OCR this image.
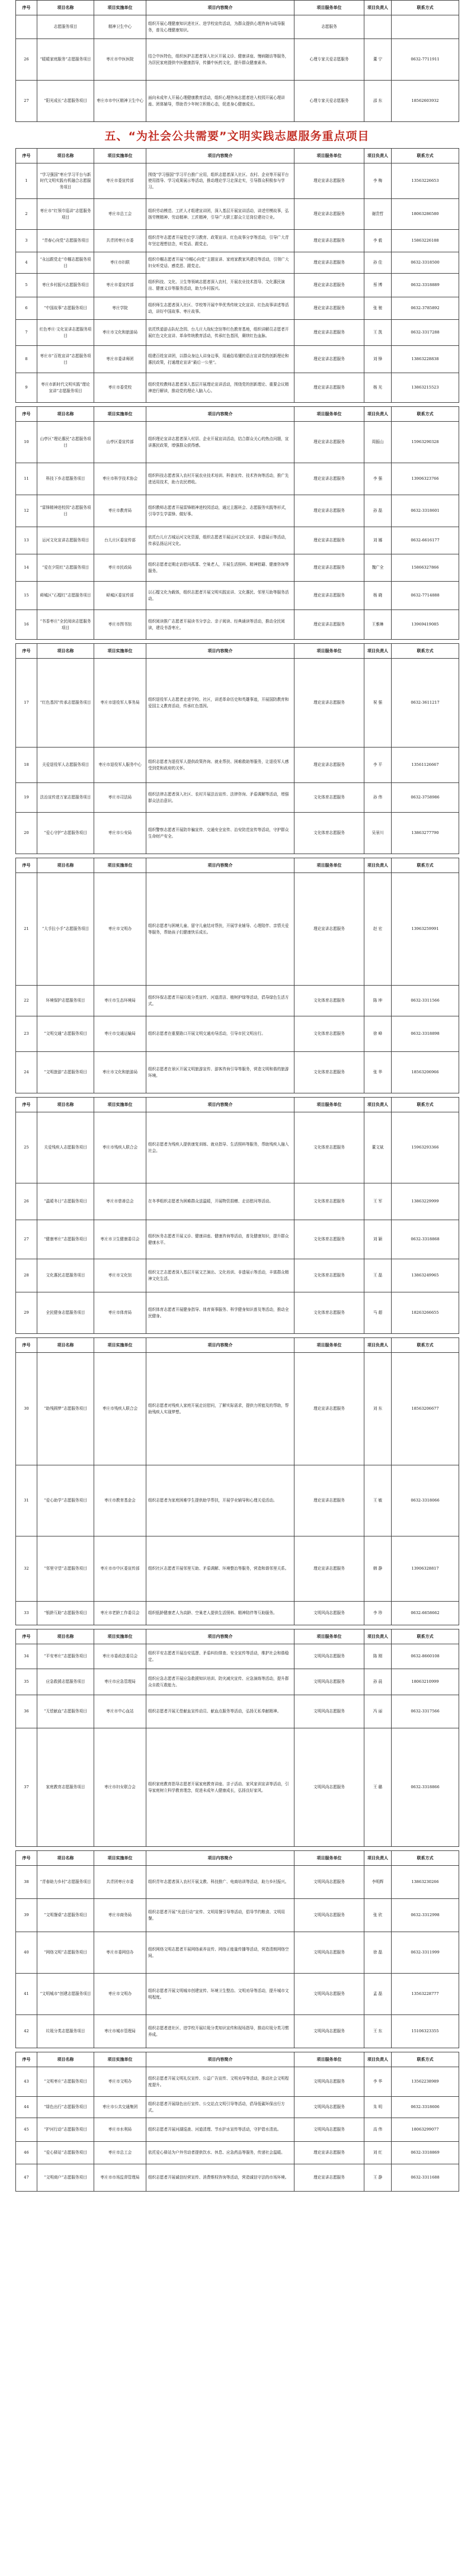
序号	项目名称	项目实施单位	项目内容简介	项目服务单位	项目负责人	联系方式
	志愿服务项目	精神卫生中心	组织开展心理健康知识进社区、进学校宣传活动，为群众提供心理咨询与疏导服务，普及心理健康知识。	志愿服务		
26	“暖暖家庭服务”志愿服务项目	枣庄市中医医院	结合中医特色，组织医护志愿者深入社区开展义诊、健康讲座、慢病随访等服务，为居民家庭提供中医健康指导，传播中医药文化，提升群众健康素养。	心理专家关爱志愿服务	董 宁	0632-7711911
27	“阳光成长”志愿服务项目	枣庄市市中区精神卫生中心	面向未成年人开展心理健康教育活动，组织心理咨询志愿者进入校园开展心理讲座、团体辅导，帮助青少年树立积极心态，促进身心健康成长。	心理专家关爱志愿服务	邵 东	18562603932
五、“为社会公共需要”文明实践志愿服务重点项目
序号	项目名称	项目实施单位	项目内容简介	项目服务单位	项目负责人	联系方式
1	“学习强国”枣庄学习平台与新时代文明实践有机融合志愿服务项目	枣庄市委宣传部	围绕“学习强国”学习平台推广应用，组织志愿者深入社区、农村、企业等开展平台使用指导、学习成果展示等活动，推动理论学习走深走实，引导群众积极参与学习。	理论宣讲志愿服务	李 梅	13563226653
2	枣庄市“红领巾巡讲”志愿服务项目	枣庄市总工会	组织劳动模范、工匠人才组建宣讲团，深入基层开展宣讲活动，讲述劳模故事，弘扬劳模精神、劳动精神、工匠精神，引导广大职工群众立足岗位建功立业。	理论宣讲志愿服务	谢贵哲	18063286580
3	“青春心向党”志愿服务项目	共青团枣庄市委	组织青年志愿者开展党史学习教育、政策宣讲、红色故事分享等活动，引导广大青年坚定理想信念，听党话、跟党走。	理论宣讲志愿服务	李 毅	15863226188
4	“永远跟党走”巾帼志愿服务项目	枣庄市妇联	组织巾帼志愿者开展“巾帼心向党”主题宣讲、家庭家教家风建设等活动，引领广大妇女听党话、感党恩、跟党走。	理论宣讲志愿服务	孙 佳	0632-3318500
5	枣庄乡村振兴志愿服务项目	枣庄市委宣传部	组织科技、文化、卫生等领域志愿者深入农村，开展农业技术指导、文化惠民演出、健康义诊等服务活动，助力乡村振兴。	理论宣讲志愿服务	蔡 博	0632-3318889
6	“中国故事”志愿服务项目	枣庄学院	组织师生志愿者深入社区、学校等开展中华优秀传统文化宣讲、红色故事讲述等活动，讲好中国故事、枣庄故事。	理论宣讲志愿服务	张 驰	0632-3785892
7	红色枣庄·文化宣讲志愿服务项目	枣庄市文化和旅游局	依托铁道游击队纪念园、台儿庄大战纪念馆等红色教育基地，组织讲解员志愿者开展红色文化宣讲、革命传统教育活动，传承红色基因，赓续红色血脉。	理论宣讲志愿服务	王 凯	0632-3317288
8	枣庄市“百姓宣讲”志愿服务项目	枣庄市委讲师团	组建百姓宣讲团，以群众身边人讲身边事，用通俗易懂的语言宣讲党的创新理论和惠民政策，打通理论宣讲“最后一公里”。	理论宣讲志愿服务	刘 锋	13863228838
9	枣庄市新时代文明实践“理论宣讲”志愿服务项目	枣庄市委党校	组织党校教师志愿者深入基层开展理论宣讲活动，围绕党的创新理论、重要会议精神进行解读，推动党的理论入脑入心。	理论宣讲志愿服务	杨 光	13863215523
序号	项目名称	项目实施单位	项目内容简介	项目服务单位	项目负责人	联系方式
10	山亭区“理论惠民”志愿服务项目	山亭区委宣传部	组织理论宣讲志愿者深入村居、企业开展宣讲活动，结合群众关心的热点问题，宣讲惠民政策，增强群众获得感。	理论宣讲志愿服务	周振山	15963290328
11	科技下乡志愿服务项目	枣庄市科学技术协会	组织科技志愿者深入农村开展农业技术培训、科普宣传、技术咨询等活动，推广先进适用技术，助力农民增收。	理论宣讲志愿服务	李 强	13906323766
12	“雷锋精神进校园”志愿服务项目	枣庄市教育局	组织教师志愿者开展雷锋精神进校园活动，通过主题班会、志愿服务实践等形式，引导学生学雷锋、做好事。	理论宣讲志愿服务	孙 磊	0632-3318601
13	运河文化宣讲志愿服务项目	台儿庄区委宣传部	依托台儿庄古城运河文化资源，组织志愿者开展运河文化宣讲、非遗展示等活动，传承弘扬运河文化。	理论宣讲志愿服务	刘 娜	0632-6616177
14	“爱在夕阳红”志愿服务项目	枣庄市民政局	组织志愿者定期走访慰问孤寡、空巢老人，开展生活照料、精神慰藉、健康咨询等服务。	理论宣讲志愿服务	魏广全	15866327866
15	峄城区“石榴红”志愿服务项目	峄城区委宣传部	以石榴文化为载体，组织志愿者开展文明实践宣讲、文化惠民、邻里互助等服务活动。	理论宣讲志愿服务	杨 晓	0632-7714888
16	“书香枣庄”全民阅读志愿服务项目	枣庄市图书馆	组织阅读推广志愿者开展读书分享会、亲子阅读、经典诵读等活动，推动全民阅读，建设书香枣庄。	理论宣讲志愿服务	王雅琳	13969419085
序号	项目名称	项目实施单位	项目内容简介	项目服务单位	项目负责人	联系方式
17	“红色基因”传承志愿服务项目	枣庄市退役军人事务局	组织退役军人志愿者走进学校、社区，讲述革命历史和英雄事迹，开展国防教育和爱国主义教育活动，传承红色基因。	理论宣讲志愿服务	祝 强	0632-3611217
18	关爱退役军人志愿服务项目	枣庄市退役军人服务中心	组织志愿者为退役军人提供政策咨询、就业帮扶、困难救助等服务，让退役军人感受到党和政府的关怀。	理论宣讲志愿服务	李 平	13561126667
19	法治宣传进万家志愿服务项目	枣庄市司法局	组织法律志愿者深入社区、农村开展法治宣传、法律咨询、矛盾调解等活动，增强群众法治意识。	文化体育志愿服务	孙 伟	0632-3758986
20	“爱心守护”志愿服务项目	枣庄市公安局	组织警察志愿者开展防诈骗宣传、交通安全宣传、治安防范宣传等活动，守护群众生命财产安全。	文化体育志愿服务	吴景川	13863277790
序号	项目名称	项目实施单位	项目内容简介	项目服务单位	项目负责人	联系方式
21	“大手拉小手”志愿服务项目	枣庄市文明办	组织志愿者与困境儿童、留守儿童结对帮扶，开展学业辅导、心理陪伴、亲情关爱等服务，帮助孩子们健康快乐成长。	理论宣讲志愿服务	赵 宏	13963259991
22	环境保护志愿服务项目	枣庄市生态环境局	组织环保志愿者开展垃圾分类宣传、河道清洁、植树护绿等活动，倡导绿色生活方式。	文化体育志愿服务	陈 坤	0632-3311566
23	“文明交通”志愿服务项目	枣庄市交通运输局	组织志愿者在重要路口开展文明交通劝导活动，引导市民文明出行。	文化体育志愿服务	徐 峰	0632-3318898
24	“文明旅游”志愿服务项目	枣庄市文化和旅游局	组织志愿者在景区开展文明旅游宣传、游客咨询引导等服务，营造文明和谐的旅游环境。	文化体育志愿服务	张 华	18563206966
序号	项目名称	项目实施单位	项目内容简介	项目服务单位	项目负责人	联系方式
25	关爱残疾人志愿服务项目	枣庄市残疾人联合会	组织志愿者为残疾人提供康复训练、就业指导、生活照料等服务，帮助残疾人融入社会。	文化体育志愿服务	董文斌	15963293366
26	“温暖冬日”志愿服务项目	枣庄市慈善总会	在冬季组织志愿者为困难群众送温暖，开展物资捐赠、走访慰问等活动。	文化体育志愿服务	王 军	13863229999
27	“健康枣庄”志愿服务项目	枣庄市卫生健康委员会	组织医务志愿者开展义诊、健康讲座、健康咨询等活动，普及健康知识，提升群众健康水平。	文化体育志愿服务	刘 颖	0632-3318868
28	文化惠民志愿服务项目	枣庄市文化馆	组织文艺志愿者深入基层开展文艺演出、文化培训、非遗展示等活动，丰富群众精神文化生活。	文化体育志愿服务	王 磊	13863249965
29	全民健身志愿服务项目	枣庄市体育局	组织体育志愿者开展健身指导、体育赛事服务、科学健身知识普及等活动，推动全民健身。	文化体育志愿服务	马 超	18263266655
序号	项目名称	项目实施单位	项目内容简介	项目服务单位	项目负责人	联系方式
30	“助残圆梦”志愿服务项目	枣庄市残疾人联合会	组织志愿者对残疾人家庭开展走访慰问，了解实际需求，提供力所能及的帮助，帮助残疾人实现梦想。	理论宣讲志愿服务	刘 东	18563206677
31	“爱心助学”志愿服务项目	枣庄市教育基金会	组织志愿者为家庭困难学生提供助学帮扶，开展学业辅导和心理关爱活动。	理论宣讲志愿服务	王 敏	0632-3318066
32	“邻里守望”志愿服务项目	枣庄市市中区委宣传部	组织社区志愿者开展邻里互助、矛盾调解、环境整治等服务，营造和谐邻里关系。	理论宣讲志愿服务	韩 静	13906328817
33	“银龄互助”志愿服务项目	枣庄市老龄工作委员会	组织低龄健康老人为高龄、空巢老人提供生活照料、精神陪伴等互助服务。	文明风尚志愿服务	李 珍	0632-6658662
序号	项目名称	项目实施单位	项目内容简介	项目服务单位	项目负责人	联系方式
34	“平安枣庄”志愿服务项目	枣庄市委政法委员会	组织平安志愿者开展治安巡逻、矛盾纠纷排查、安全宣传等活动，维护社会和谐稳定。	文明风尚志愿服务	陈 刚	0632-8660108
35	应急救援志愿服务项目	枣庄市应急管理局	组织应急志愿者开展应急救援知识培训、防灾减灾宣传、应急演练等活动，提升群众自救互救能力。	文明风尚志愿服务	孙 晨	18063210999
36	“无偿献血”志愿服务项目	枣庄市中心血站	组织志愿者开展无偿献血宣传动员、献血点服务等活动，弘扬无私奉献精神。	文明风尚志愿服务	冯 丽	0632-3317566
37	家庭教育志愿服务项目	枣庄市妇女联合会	组织家庭教育指导志愿者开展家庭教育讲座、亲子活动、家风家训宣讲等活动，引导家庭树立科学教育理念，促进未成年人健康成长，弘扬良好家风。	文明风尚志愿服务	王 璐	0632-3318866
序号	项目名称	项目实施单位	项目内容简介	项目服务单位	项目负责人	联系方式
38	“青春助力乡村”志愿服务项目	共青团枣庄市委	组织青年志愿者深入农村开展支教、科技推广、电商培训等活动，助力乡村振兴。	文明风尚志愿服务	李明辉	13863230266
39	“文明餐桌”志愿服务项目	枣庄市商务局	组织志愿者开展“光盘行动”宣传、文明用餐引导等活动，倡导节约粮食、文明用餐。	文明风尚志愿服务	张 欣	0632-3312998
40	“网络文明”志愿服务项目	枣庄市委网信办	组织网络文明志愿者开展网络素养宣传、网络正能量传播等活动，营造清朗网络空间。	文明风尚志愿服务	徐 磊	0632-3311999
41	“文明城市”创建志愿服务项目	枣庄市文明办	组织志愿者开展文明城市创建宣传、环境卫生整治、文明劝导等活动，提升城市文明程度。	文明风尚志愿服务	孟 磊	13563228777
42	垃圾分类志愿服务项目	枣庄市城市管理局	组织志愿者进社区、进学校开展垃圾分类知识宣传和现场指导，推动垃圾分类习惯养成。	文明风尚志愿服务	王 东	15106323355
序号	项目名称	项目实施单位	项目内容简介	项目服务单位	项目负责人	联系方式
43	“文明枣庄”志愿服务项目	枣庄市文明办	组织志愿者开展文明礼仪宣传、公益广告宣传、文明劝导等活动，推动社会文明程度提升。	文明风尚志愿服务	李 华	13562238989
44	“绿色出行”志愿服务项目	枣庄市公共交通集团	组织志愿者开展绿色出行宣传、公交站点文明引导等活动，倡导低碳环保出行方式。	文明风尚志愿服务	朱 明	0632-3318606
45	“护河行动”志愿服务项目	枣庄市水利局	组织志愿者开展河湖巡查、河道清理、节水护水宣传等活动，守护碧水清流。	文明风尚志愿服务	高 伟	18063299077
46	“爱心驿站”志愿服务项目	枣庄市总工会	依托爱心驿站为户外劳动者提供饮水、休息、应急药品等服务，传递社会温暖。	理论宣讲志愿服务	刘 红	0632-3318869
47	“文明商户”志愿服务项目	枣庄市市场监督管理局	组织志愿者开展诚信经营宣传、消费维权咨询等活动，营造诚信守法的市场环境。	理论宣讲志愿服务	王 静	0632-3311688
